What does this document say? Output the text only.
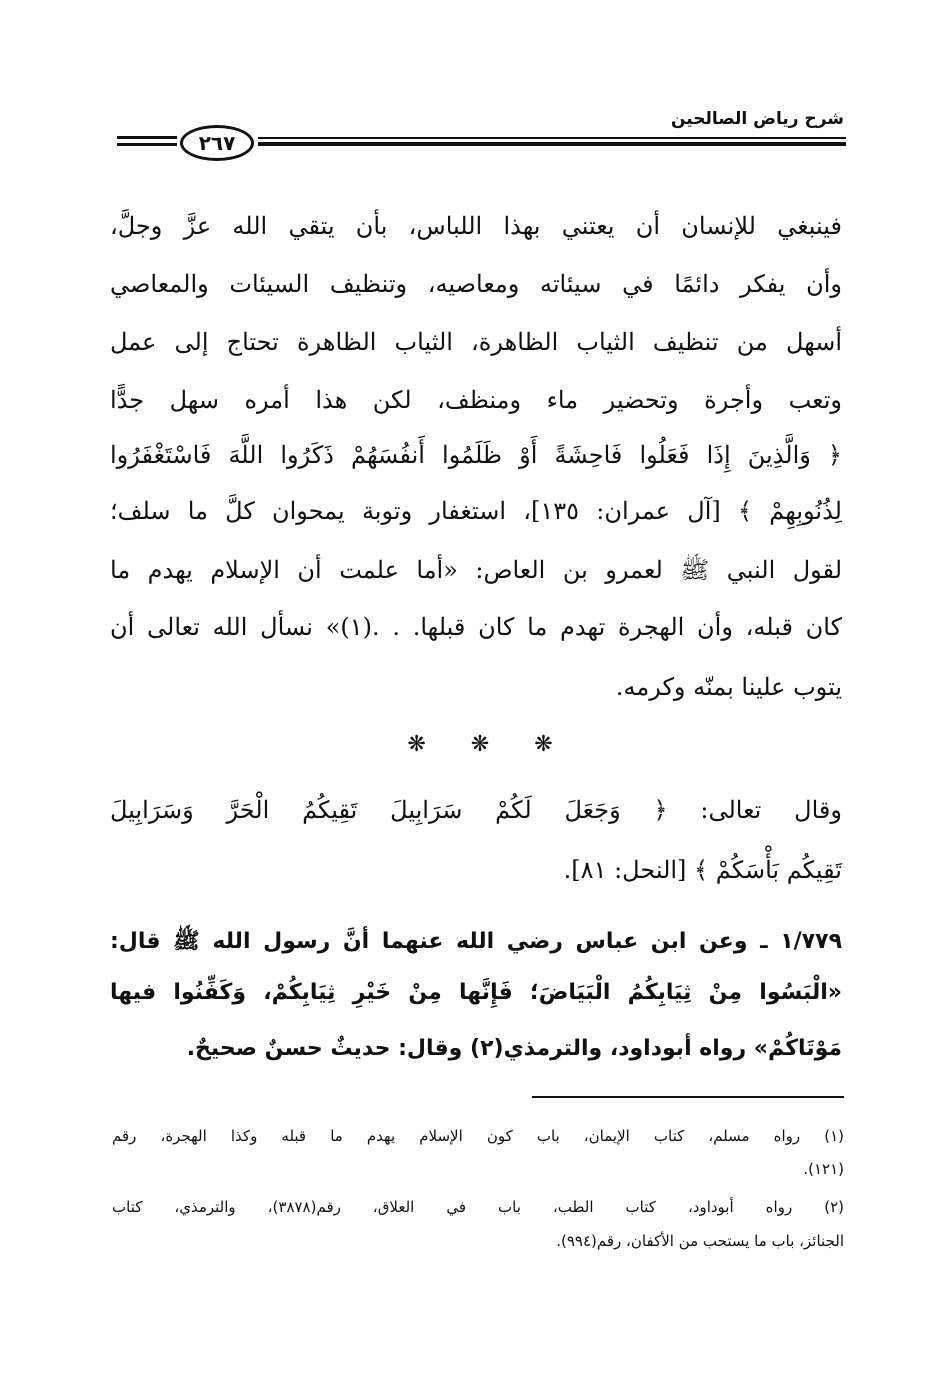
شرح رياض الصالحين
٢٦٧
فينبغي للإنسان أن يعتني بهذا اللباس، بأن يتقي الله عزَّ وجلَّ،
وأن يفكر دائمًا في سيئاته ومعاصيه، وتنظيف السيئات والمعاصي
أسهل من تنظيف الثياب الظاهرة، الثياب الظاهرة تحتاج إلى عمل
وتعب وأجرة وتحضير ماء ومنظف، لكن هذا أمره سهل جدًّا
﴿ وَالَّذِينَ إِذَا فَعَلُوا فَاحِشَةً أَوْ ظَلَمُوا أَنفُسَهُمْ ذَكَرُوا اللَّهَ فَاسْتَغْفَرُوا
لِذُنُوبِهِمْ ﴾ [آل عمران: ١٣٥]، استغفار وتوبة يمحوان كلَّ ما سلف؛
لقول النبي ﷺ لعمرو بن العاص: «أما علمت أن الإسلام يهدم ما
كان قبله، وأن الهجرة تهدم ما كان قبلها. . .(١)» نسأل الله تعالى أن
يتوب علينا بمنّه وكرمه.
❋ ❋ ❋
وقال تعالى: ﴿ وَجَعَلَ لَكُمْ سَرَابِيلَ تَقِيكُمُ الْحَرَّ وَسَرَابِيلَ
تَقِيكُم بَأْسَكُمْ ﴾ [النحل: ٨١].
١/٧٧٩ ـ وعن ابن عباس رضي الله عنهما أنَّ رسول الله ﷺ قال:
«الْبَسُوا مِنْ ثِيَابِكُمُ الْبَيَاضَ؛ فَإِنَّها مِنْ خَيْرِ ثِيَابِكُمْ، وَكَفِّنُوا فيها
مَوْتَاكُمْ» رواه أبوداود، والترمذي(٢) وقال: حديثٌ حسنٌ صحيحٌ.
(١) رواه مسلم، كتاب الإيمان، باب كون الإسلام يهدم ما قبله وكذا الهجرة، رقم
(١٢١).
(٢) رواه أبوداود، كتاب الطب، باب في العلاق، رقم(٣٨٧٨)، والترمذي، كتاب
الجنائز، باب ما يستحب من الأكفان، رقم(٩٩٤).
